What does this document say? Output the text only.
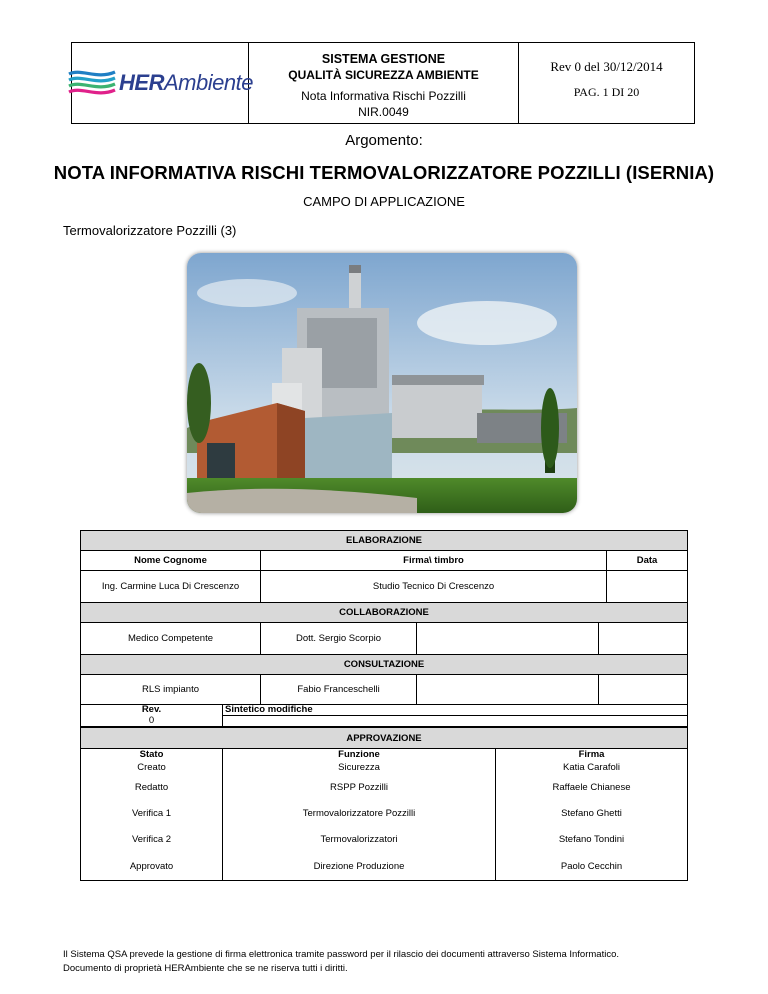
HERAmbiente
SISTEMA GESTIONE
QUALITÀ SICUREZZA AMBIENTE
Nota Informativa Rischi Pozzilli
NIR.0049
Rev 0 del 30/12/2014
PAG. 1 DI 20
Argomento:
NOTA INFORMATIVA RISCHI TERMOVALORIZZATORE POZZILLI (ISERNIA)
CAMPO DI APPLICAZIONE
Termovalorizzatore Pozzilli (3)
ELABORAZIONE		
Nome Cognome	Firma\ timbro	Data
Ing. Carmine Luca Di Crescenzo	Studio Tecnico Di Crescenzo	
COLLABORAZIONE
Medico Competente	Dott. Sergio Scorpio		
CONSULTAZIONE
RLS impianto	Fabio Franceschelli		
Rev.	Sintetico modifiche
0	
APPROVAZIONE		
Stato	Funzione	Firma
Creato	Sicurezza	Katia Carafoli
Redatto	RSPP Pozzilli	Raffaele Chianese
Verifica 1	Termovalorizzatore Pozzilli	Stefano Ghetti
Verifica 2	Termovalorizzatori	Stefano Tondini
Approvato	Direzione Produzione	Paolo Cecchin
Il Sistema QSA prevede la gestione di firma elettronica tramite password per il rilascio dei documenti attraverso Sistema Informatico.
Documento di proprietà HERAmbiente che se ne riserva tutti i diritti.
